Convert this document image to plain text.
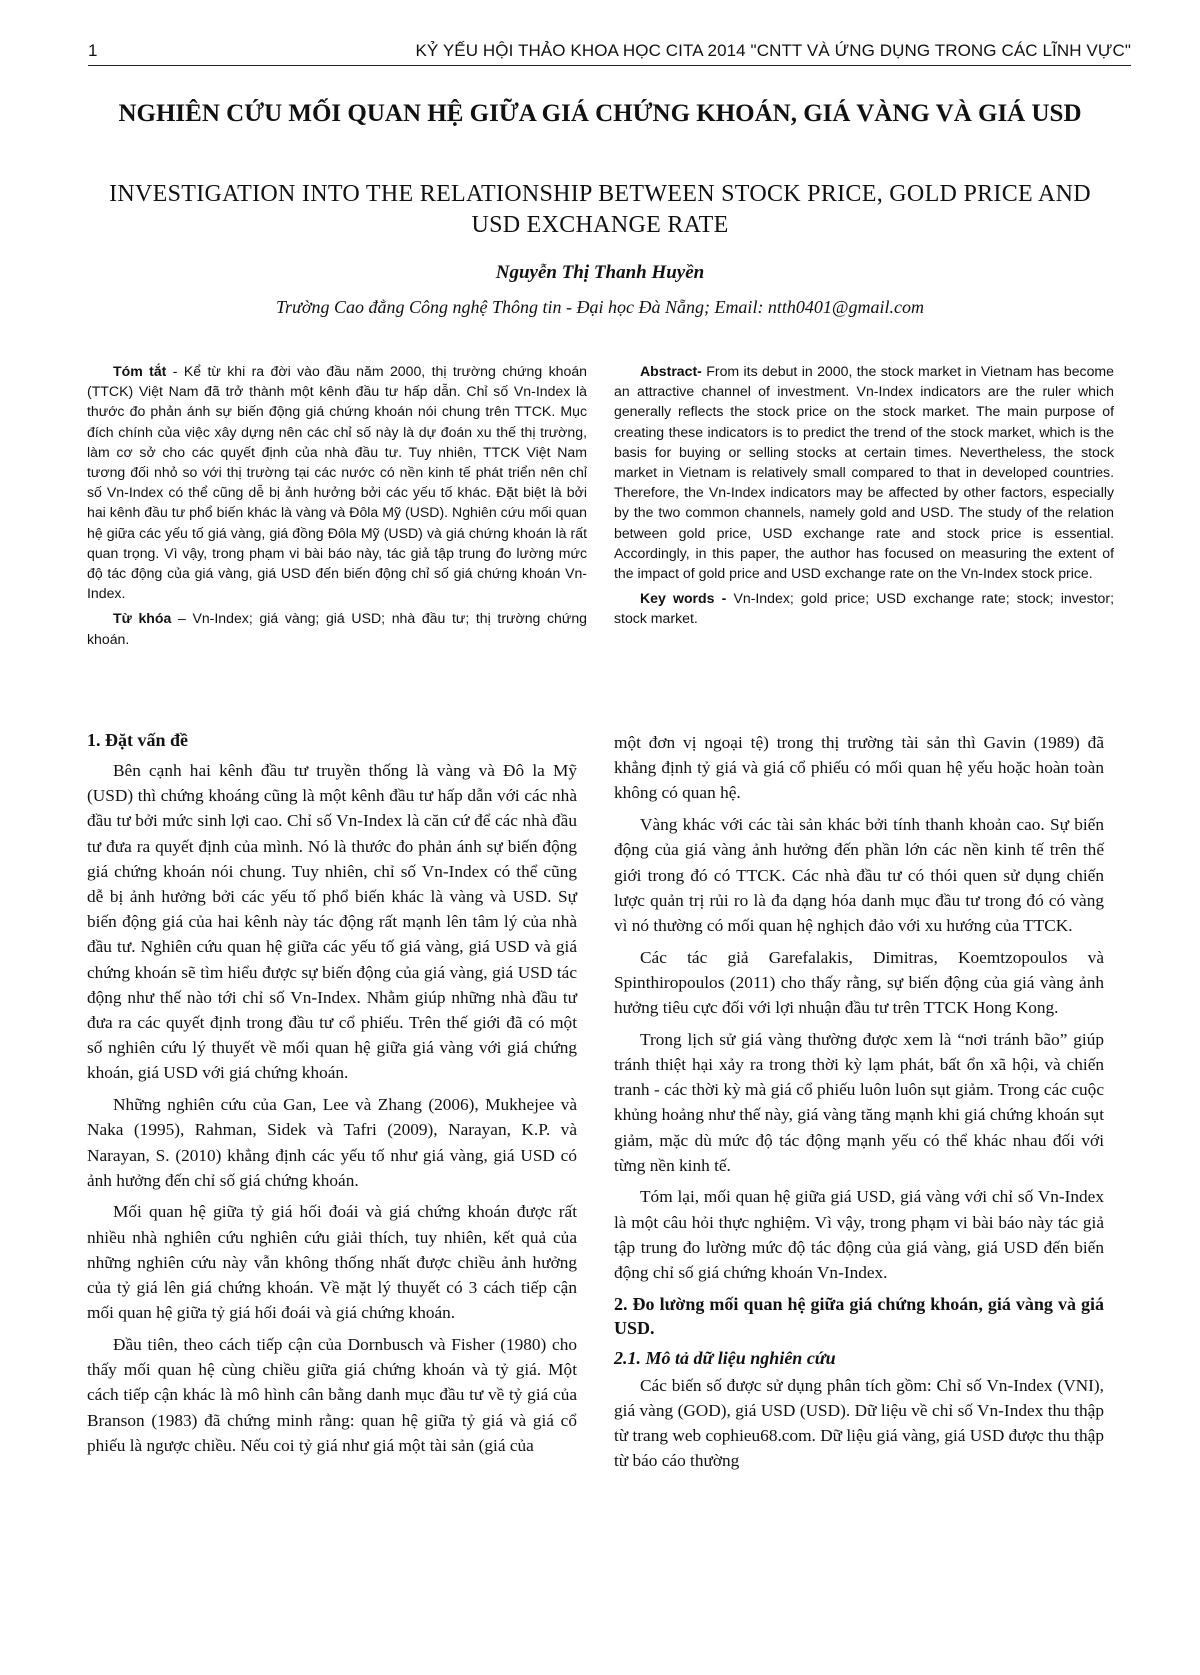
1	KỶ YẾU HỘI THẢO KHOA HỌC CITA 2014 "CNTT VÀ ỨNG DỤNG TRONG CÁC LĨNH VỰC"
NGHIÊN CỨU MỐI QUAN HỆ GIỮA GIÁ CHỨNG KHOÁN, GIÁ VÀNG VÀ GIÁ USD
INVESTIGATION INTO THE RELATIONSHIP BETWEEN STOCK PRICE, GOLD PRICE AND USD EXCHANGE RATE
Nguyễn Thị Thanh Huyền
Trường Cao đẳng Công nghệ Thông tin - Đại học Đà Nẵng; Email: ntth0401@gmail.com

Tóm tắt - Kể từ khi ra đời vào đầu năm 2000, thị trường chứng khoán (TTCK) Việt Nam đã trở thành một kênh đầu tư hấp dẫn. Chỉ số Vn-Index là thước đo phản ánh sự biến động giá chứng khoán nói chung trên TTCK. Mục đích chính của việc xây dựng nên các chỉ số này là dự đoán xu thế thị trường, làm cơ sở cho các quyết định của nhà đầu tư. Tuy nhiên, TTCK Việt Nam tương đối nhỏ so với thị trường tại các nước có nền kinh tế phát triển nên chỉ số Vn-Index có thể cũng dễ bị ảnh hưởng bởi các yếu tố khác. Đặt biệt là bởi hai kênh đầu tư phổ biến khác là vàng và Đôla Mỹ (USD). Nghiên cứu mối quan hệ giữa các yếu tố giá vàng, giá đồng Đôla Mỹ (USD) và giá chứng khoán là rất quan trọng. Vì vậy, trong phạm vi bài báo này, tác giả tập trung đo lường mức độ tác động của giá vàng, giá USD đến biến động chỉ số giá chứng khoán Vn-Index.

Từ khóa – Vn-Index; giá vàng; giá USD; nhà đầu tư; thị trường chứng khoán.

Abstract- From its debut in 2000, the stock market in Vietnam has become an attractive channel of investment. Vn-Index indicators are the ruler which generally reflects the stock price on the stock market. The main purpose of creating these indicators is to predict the trend of the stock market, which is the basis for buying or selling stocks at certain times. Nevertheless, the stock market in Vietnam is relatively small compared to that in developed countries. Therefore, the Vn-Index indicators may be affected by other factors, especially by the two common channels, namely gold and USD. The study of the relation between gold price, USD exchange rate and stock price is essential. Accordingly, in this paper, the author has focused on measuring the extent of the impact of gold price and USD exchange rate on the Vn-Index stock price.

Key words - Vn-Index; gold price; USD exchange rate; stock; investor; stock market.

1. Đặt vấn đề

Bên cạnh hai kênh đầu tư truyền thống là vàng và Đô la Mỹ (USD) thì chứng khoáng cũng là một kênh đầu tư hấp dẫn với các nhà đầu tư bởi mức sinh lợi cao. Chỉ số Vn-Index là căn cứ để các nhà đầu tư đưa ra quyết định của mình. Nó là thước đo phản ánh sự biến động giá chứng khoán nói chung. Tuy nhiên, chỉ số Vn-Index có thể cũng dễ bị ảnh hưởng bởi các yếu tố phổ biến khác là vàng và USD. Sự biến động giá của hai kênh này tác động rất mạnh lên tâm lý của nhà đầu tư. Nghiên cứu quan hệ giữa các yếu tố giá vàng, giá USD và giá chứng khoán sẽ tìm hiểu được sự biến động của giá vàng, giá USD tác động như thế nào tới chỉ số Vn-Index. Nhằm giúp những nhà đầu tư đưa ra các quyết định trong đầu tư cổ phiếu. Trên thế giới đã có một số nghiên cứu lý thuyết về mối quan hệ giữa giá vàng với giá chứng khoán, giá USD với giá chứng khoán.

Những nghiên cứu của Gan, Lee và Zhang (2006), Mukhejee và Naka (1995), Rahman, Sidek và Tafri (2009), Narayan, K.P. và Narayan, S. (2010) khẳng định các yếu tố như giá vàng, giá USD có ảnh hưởng đến chỉ số giá chứng khoán.

Mối quan hệ giữa tỷ giá hối đoái và giá chứng khoán được rất nhiều nhà nghiên cứu nghiên cứu giải thích, tuy nhiên, kết quả của những nghiên cứu này vẫn không thống nhất được chiều ảnh hưởng của tỷ giá lên giá chứng khoán. Về mặt lý thuyết có 3 cách tiếp cận mối quan hệ giữa tỷ giá hối đoái và giá chứng khoán.

Đầu tiên, theo cách tiếp cận của Dornbusch và Fisher (1980) cho thấy mối quan hệ cùng chiều giữa giá chứng khoán và tỷ giá. Một cách tiếp cận khác là mô hình cân bằng danh mục đầu tư về tỷ giá của Branson (1983) đã chứng minh rằng: quan hệ giữa tỷ giá và giá cổ phiếu là ngược chiều. Nếu coi tỷ giá như giá một tài sản (giá của

một đơn vị ngoại tệ) trong thị trường tài sản thì Gavin (1989) đã khẳng định tỷ giá và giá cổ phiếu có mối quan hệ yếu hoặc hoàn toàn không có quan hệ.

Vàng khác với các tài sản khác bởi tính thanh khoản cao. Sự biến động của giá vàng ảnh hưởng đến phần lớn các nền kinh tế trên thế giới trong đó có TTCK. Các nhà đầu tư có thói quen sử dụng chiến lược quản trị rủi ro là đa dạng hóa danh mục đầu tư trong đó có vàng vì nó thường có mối quan hệ nghịch đảo với xu hướng của TTCK.

Các tác giả Garefalakis, Dimitras, Koemtzopoulos và Spinthiropoulos (2011) cho thấy rằng, sự biến động của giá vàng ảnh hưởng tiêu cực đối với lợi nhuận đầu tư trên TTCK Hong Kong.

Trong lịch sử giá vàng thường được xem là “nơi tránh bão” giúp tránh thiệt hại xảy ra trong thời kỳ lạm phát, bất ổn xã hội, và chiến tranh - các thời kỳ mà giá cổ phiếu luôn luôn sụt giảm. Trong các cuộc khủng hoảng như thế này, giá vàng tăng mạnh khi giá chứng khoán sụt giảm, mặc dù mức độ tác động mạnh yếu có thể khác nhau đối với từng nền kinh tế.

Tóm lại, mối quan hệ giữa giá USD, giá vàng với chỉ số Vn-Index là một câu hỏi thực nghiệm. Vì vậy, trong phạm vi bài báo này tác giả tập trung đo lường mức độ tác động của giá vàng, giá USD đến biến động chỉ số giá chứng khoán Vn-Index.

2. Đo lường mối quan hệ giữa giá chứng khoán, giá vàng và giá USD.
2.1. Mô tả dữ liệu nghiên cứu

Các biến số được sử dụng phân tích gồm: Chỉ số Vn-Index (VNI), giá vàng (GOD), giá USD (USD). Dữ liệu về chỉ số Vn-Index thu thập từ trang web cophieu68.com. Dữ liệu giá vàng, giá USD được thu thập từ báo cáo thường
